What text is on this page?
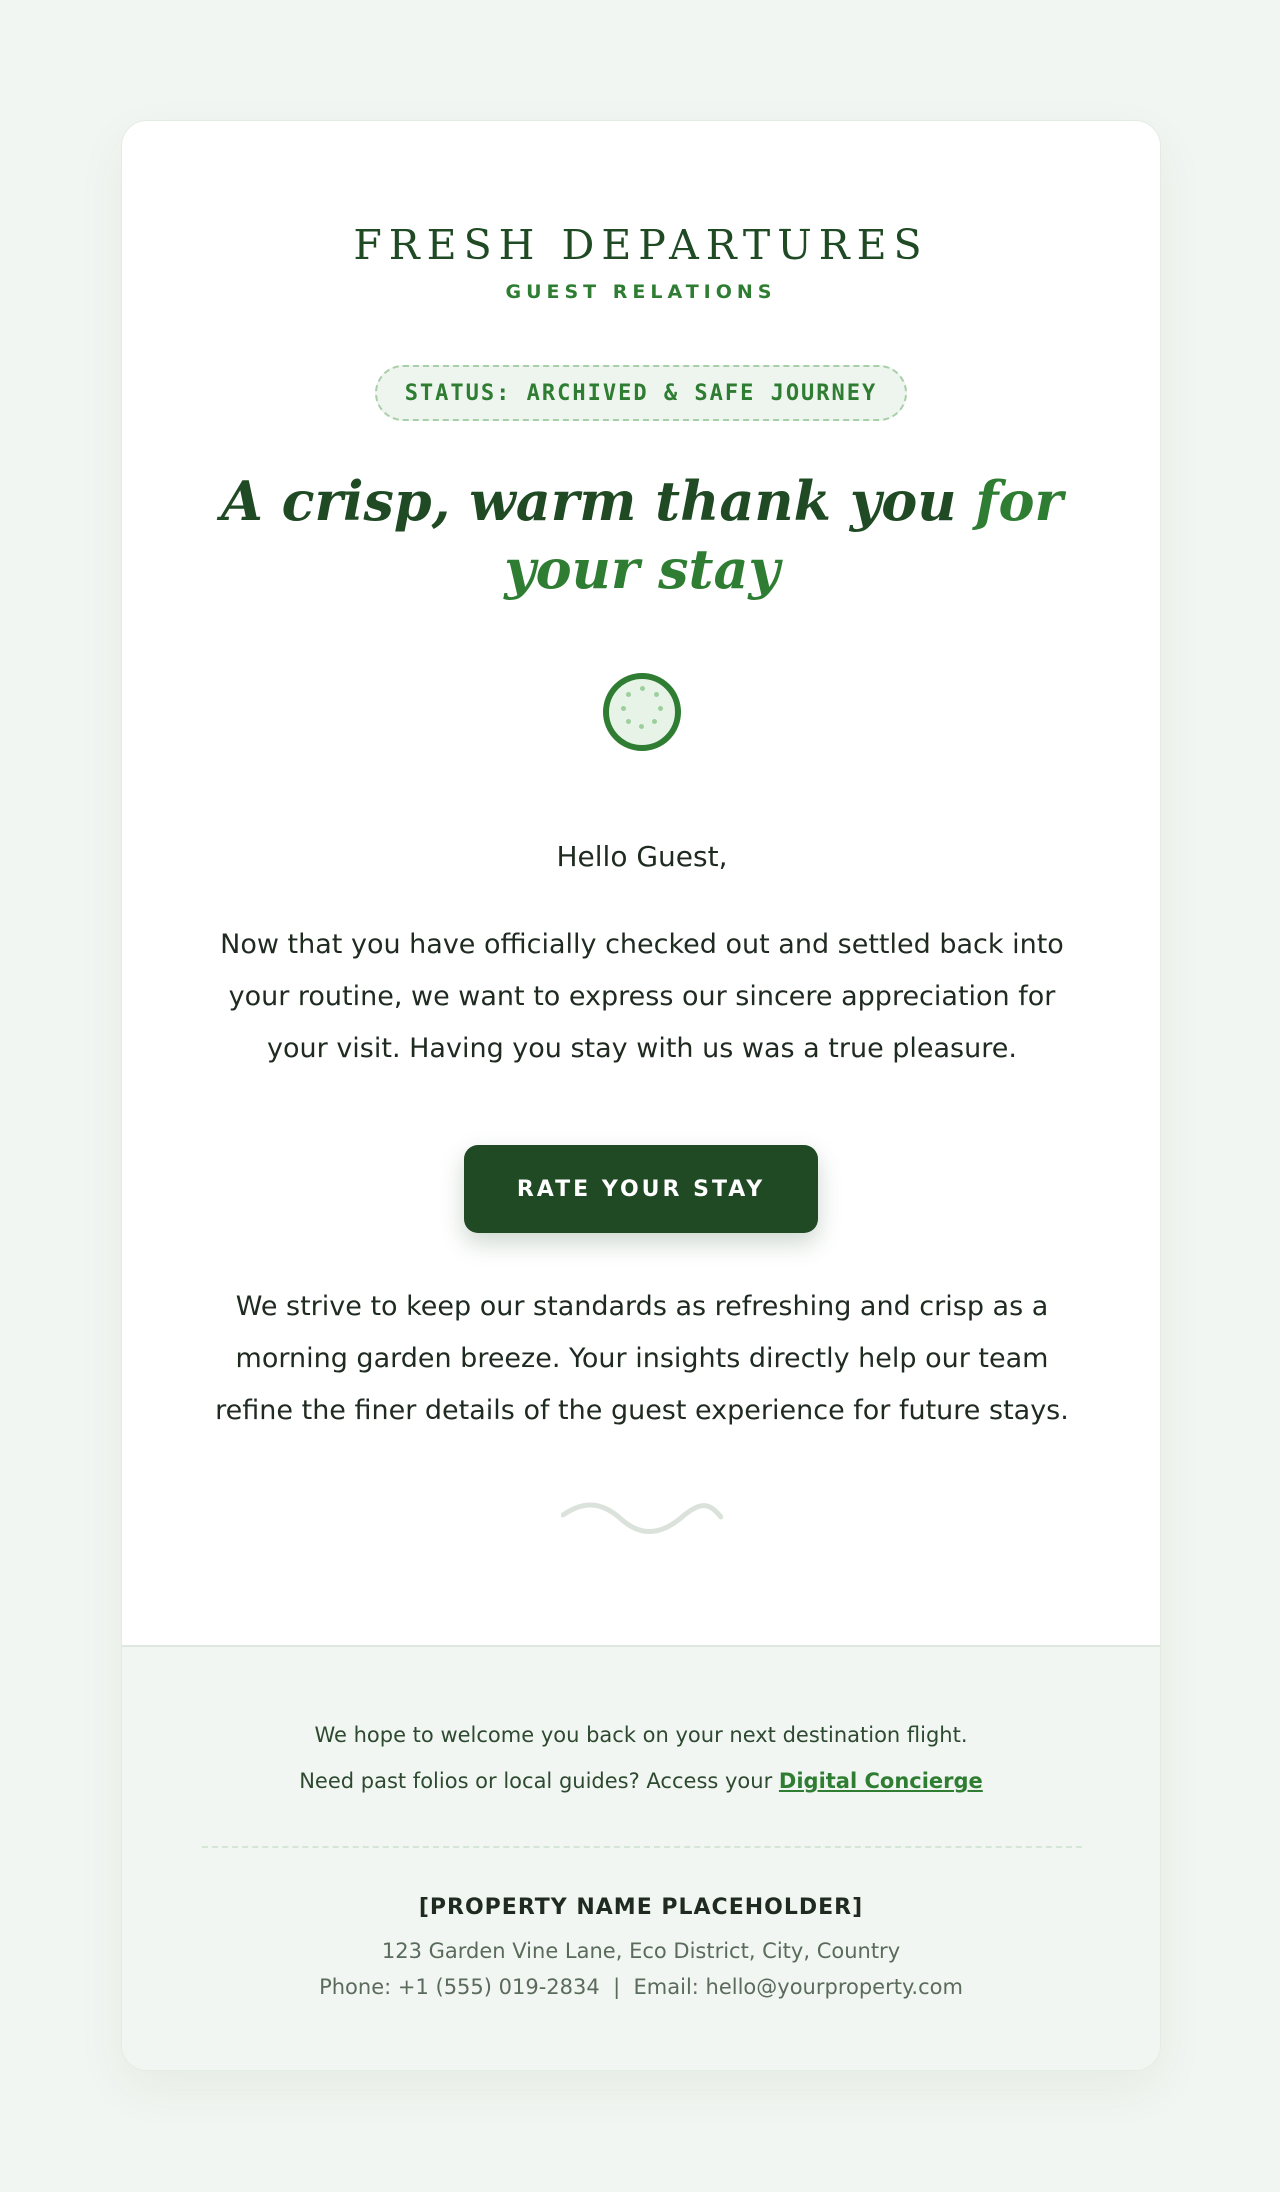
FRESH DEPARTURES
GUEST RELATIONS
STATUS: ARCHIVED & SAFE JOURNEY
A crisp, warm thank you for your stay

Hello Guest,

Now that you have officially checked out and settled back into your routine, we want to express our sincere appreciation for your visit. Having you stay with us was a true pleasure.

RATE YOUR STAY

We strive to keep our standards as refreshing and crisp as a morning garden breeze. Your insights directly help our team refine the finer details of the guest experience for future stays.

We hope to welcome you back on your next destination flight.

Need past folios or local guides? Access your Digital Concierge

[PROPERTY NAME PLACEHOLDER]

123 Garden Vine Lane, Eco District, City, Country

Phone: +1 (555) 019-2834  |  Email: hello@yourproperty.com
